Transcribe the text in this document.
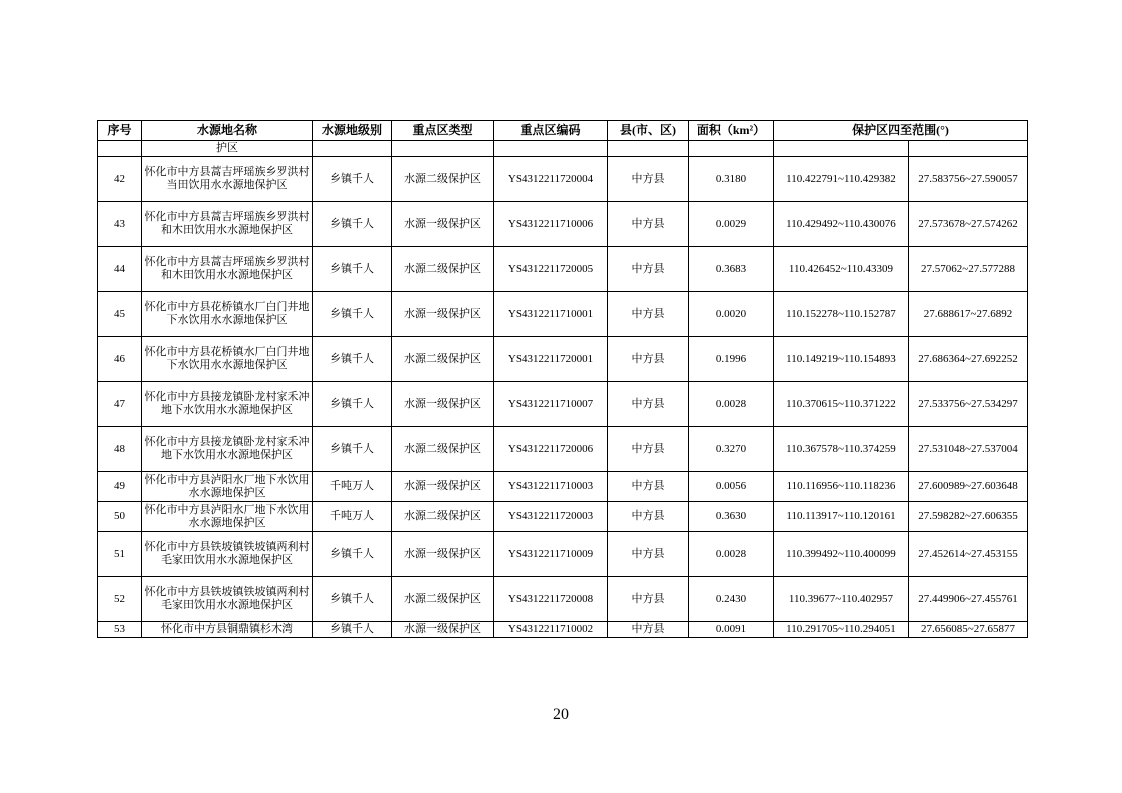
序号	水源地名称	水源地级别	重点区类型	重点区编码	县(市、区)	面积（km²）	保护区四至范围(°)	
	护区							
42	怀化市中方县蒿吉坪瑶族乡罗洪村当田饮用水水源地保护区	乡镇千人	水源二级保护区	YS4312211720004	中方县	0.3180	110.422791~110.429382	27.583756~27.590057
43	怀化市中方县蒿吉坪瑶族乡罗洪村和木田饮用水水源地保护区	乡镇千人	水源一级保护区	YS4312211710006	中方县	0.0029	110.429492~110.430076	27.573678~27.574262
44	怀化市中方县蒿吉坪瑶族乡罗洪村和木田饮用水水源地保护区	乡镇千人	水源二级保护区	YS4312211720005	中方县	0.3683	110.426452~110.43309	27.57062~27.577288
45	怀化市中方县花桥镇水厂白门井地下水饮用水水源地保护区	乡镇千人	水源一级保护区	YS4312211710001	中方县	0.0020	110.152278~110.152787	27.688617~27.6892
46	怀化市中方县花桥镇水厂白门井地下水饮用水水源地保护区	乡镇千人	水源二级保护区	YS4312211720001	中方县	0.1996	110.149219~110.154893	27.686364~27.692252
47	怀化市中方县接龙镇卧龙村家禾冲地下水饮用水水源地保护区	乡镇千人	水源一级保护区	YS4312211710007	中方县	0.0028	110.370615~110.371222	27.533756~27.534297
48	怀化市中方县接龙镇卧龙村家禾冲地下水饮用水水源地保护区	乡镇千人	水源二级保护区	YS4312211720006	中方县	0.3270	110.367578~110.374259	27.531048~27.537004
49	怀化市中方县泸阳水厂地下水饮用水水源地保护区	千吨万人	水源一级保护区	YS4312211710003	中方县	0.0056	110.116956~110.118236	27.600989~27.603648
50	怀化市中方县泸阳水厂地下水饮用水水源地保护区	千吨万人	水源二级保护区	YS4312211720003	中方县	0.3630	110.113917~110.120161	27.598282~27.606355
51	怀化市中方县铁坡镇铁坡镇两利村毛家田饮用水水源地保护区	乡镇千人	水源一级保护区	YS4312211710009	中方县	0.0028	110.399492~110.400099	27.452614~27.453155
52	怀化市中方县铁坡镇铁坡镇两利村毛家田饮用水水源地保护区	乡镇千人	水源二级保护区	YS4312211720008	中方县	0.2430	110.39677~110.402957	27.449906~27.455761
53	怀化市中方县铜鼎镇杉木湾	乡镇千人	水源一级保护区	YS4312211710002	中方县	0.0091	110.291705~110.294051	27.656085~27.65877
20
